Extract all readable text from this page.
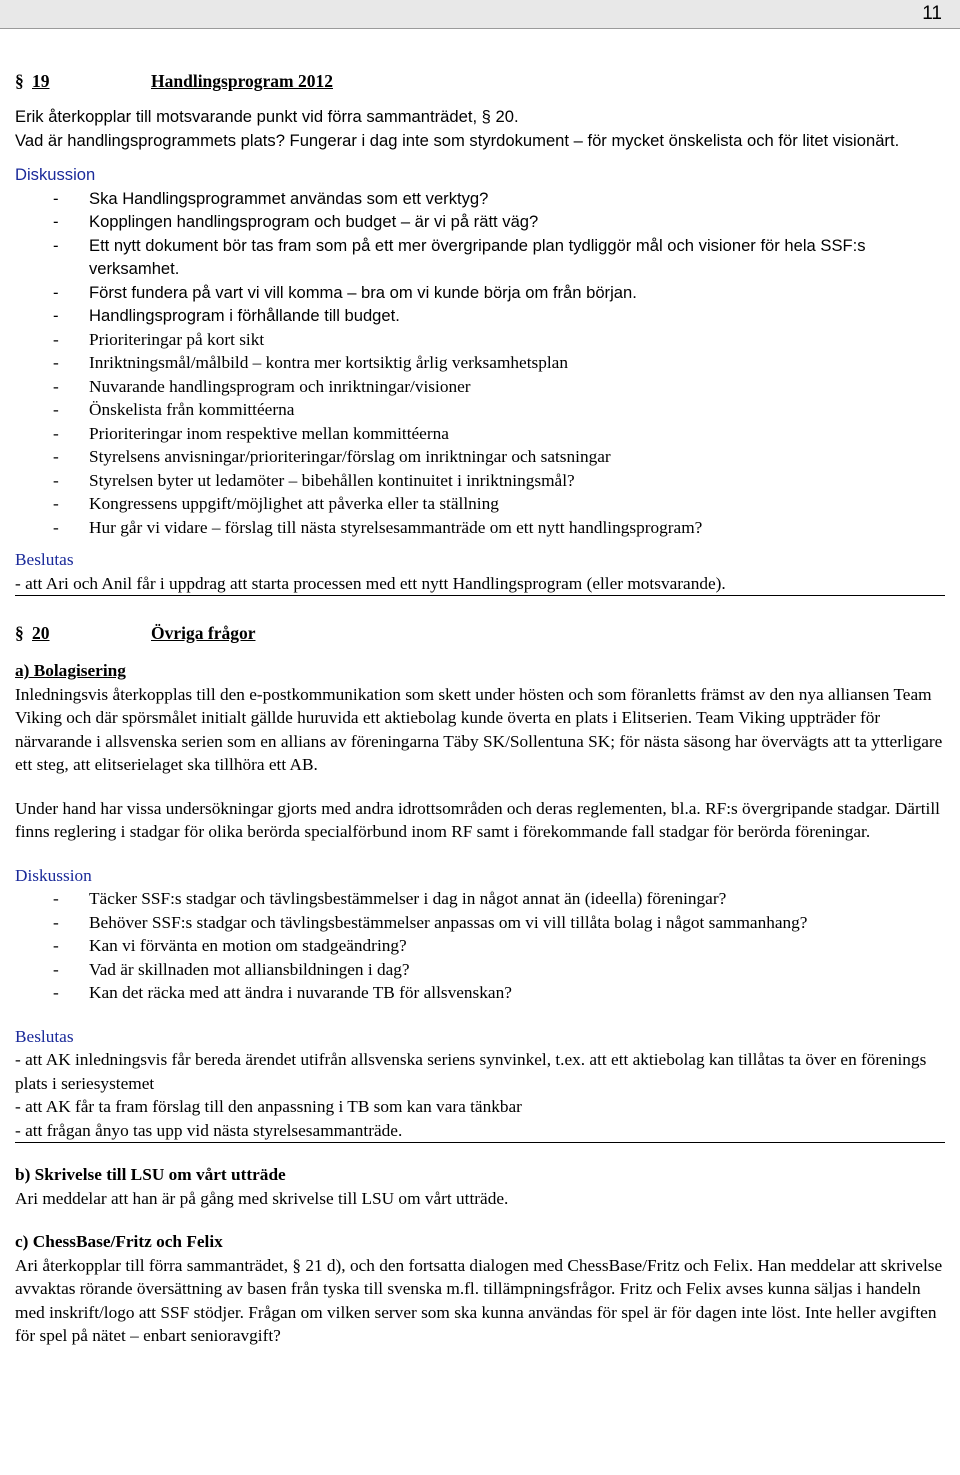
11
§ 19	Handlingsprogram 2012
Erik återkopplar till motsvarande punkt vid förra sammanträdet, § 20.
Vad är handlingsprogrammets plats? Fungerar i dag inte som styrdokument – för mycket önskelista och för litet visionärt.
Diskussion
- Ska Handlingsprogrammet användas som ett verktyg?
- Kopplingen handlingsprogram och budget – är vi på rätt väg?
- Ett nytt dokument bör tas fram som på ett mer övergripande plan tydliggör mål och visioner för hela SSF:s verksamhet.
- Först fundera på vart vi vill komma – bra om vi kunde börja om från början.
- Handlingsprogram i förhållande till budget.
- Prioriteringar på kort sikt
- Inriktningsmål/målbild – kontra mer kortsiktig årlig verksamhetsplan
- Nuvarande handlingsprogram och inriktningar/visioner
- Önskelista från kommittéerna
- Prioriteringar inom respektive mellan kommittéerna
- Styrelsens anvisningar/prioriteringar/förslag om inriktningar och satsningar
- Styrelsen byter ut ledamöter – bibehållen kontinuitet i inriktningsmål?
- Kongressens uppgift/möjlighet att påverka eller ta ställning
- Hur går vi vidare – förslag till nästa styrelsesammanträde om ett nytt handlingsprogram?
Beslutas
- att Ari och Anil får i uppdrag att starta processen med ett nytt Handlingsprogram (eller motsvarande).
§ 20	Övriga frågor
a) Bolagisering
Inledningsvis återkopplas till den e-postkommunikation som skett under hösten och som föranletts främst av den nya alliansen Team Viking och där spörsmålet initialt gällde huruvida ett aktiebolag kunde överta en plats i Elitserien. Team Viking uppträder för närvarande i allsvenska serien som en allians av föreningarna Täby SK/Sollentuna SK; för nästa säsong har övervägts att ta ytterligare ett steg, att elitserielaget ska tillhöra ett AB.
Under hand har vissa undersökningar gjorts med andra idrottsområden och deras reglementen, bl.a. RF:s övergripande stadgar. Därtill finns reglering i stadgar för olika berörda specialförbund inom RF samt i förekommande fall stadgar för berörda föreningar.
Diskussion
- Täcker SSF:s stadgar och tävlingsbestämmelser i dag in något annat än (ideella) föreningar?
- Behöver SSF:s stadgar och tävlingsbestämmelser anpassas om vi vill tillåta bolag i något sammanhang?
- Kan vi förvänta en motion om stadgeändring?
- Vad är skillnaden mot alliansbildningen i dag?
- Kan det räcka med att ändra i nuvarande TB för allsvenskan?
Beslutas
- att AK inledningsvis får bereda ärendet utifrån allsvenska seriens synvinkel, t.ex. att ett aktiebolag kan tillåtas ta över en förenings plats i seriesystemet
- att AK får ta fram förslag till den anpassning i TB som kan vara tänkbar
- att frågan ånyo tas upp vid nästa styrelsesammanträde.
b) Skrivelse till LSU om vårt utträde
Ari meddelar att han är på gång med skrivelse till LSU om vårt utträde.
c) ChessBase/Fritz och Felix
Ari återkopplar till förra sammanträdet, § 21 d), och den fortsatta dialogen med ChessBase/Fritz och Felix. Han meddelar att skrivelse avvaktas rörande översättning av basen från tyska till svenska m.fl. tillämpningsfrågor. Fritz och Felix avses kunna säljas i handeln med inskrift/logo att SSF stödjer. Frågan om vilken server som ska kunna användas för spel är för dagen inte löst. Inte heller avgiften för spel på nätet – enbart senioravgift?
